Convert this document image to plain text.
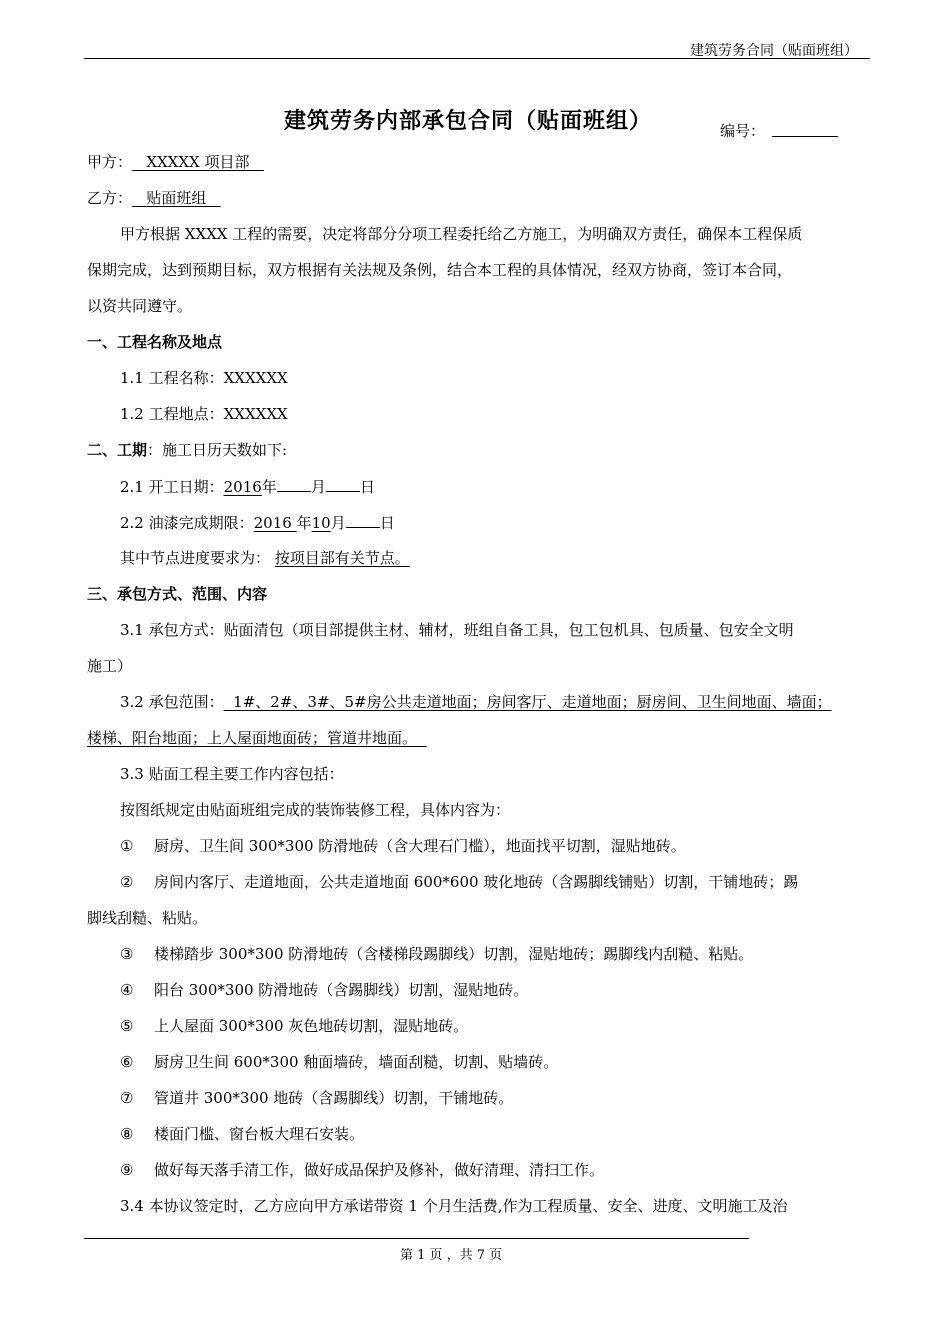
建筑劳务合同（贴面班组）
建筑劳务内部承包合同（贴面班组）	编号：
甲方： XXXXX 项目部
乙方： 贴面班组
甲方根据 XXXX 工程的需要，决定将部分分项工程委托给乙方施工，为明确双方责任，确保本工程保质
保期完成，达到预期目标，双方根据有关法规及条例，结合本工程的具体情况，经双方协商，签订本合同，
以资共同遵守。
一、工程名称及地点
1.1 工程名称：XXXXXX
1.2 工程地点：XXXXXX
二、工期：施工日历天数如下:
2.1 开工日期：2016年 月 日
2.2 油漆完成期限：2016 年10月 日
其中节点进度要求为： 按项目部有关节点。
三、承包方式、范围、内容
3.1 承包方式：贴面清包（项目部提供主材、辅材，班组自备工具，包工包机具、包质量、包安全文明
施工）
3.2 承包范围： 1#、2#、3#、5#房公共走道地面；房间客厅、走道地面；厨房间、卫生间地面、墙面；
楼梯、阳台地面；上人屋面地面砖；管道井地面。
3.3 贴面工程主要工作内容包括：
按图纸规定由贴面班组完成的装饰装修工程，具体内容为：
① 厨房、卫生间 300*300 防滑地砖（含大理石门槛），地面找平切割，湿贴地砖。
② 房间内客厅、走道地面，公共走道地面 600*600 玻化地砖（含踢脚线铺贴）切割，干铺地砖；踢
脚线刮糙、粘贴。
③ 楼梯踏步 300*300 防滑地砖（含楼梯段踢脚线）切割，湿贴地砖；踢脚线内刮糙、粘贴。
④ 阳台 300*300 防滑地砖（含踢脚线）切割，湿贴地砖。
⑤ 上人屋面 300*300 灰色地砖切割，湿贴地砖。
⑥ 厨房卫生间 600*300 釉面墙砖，墙面刮糙，切割、贴墙砖。
⑦ 管道井 300*300 地砖（含踢脚线）切割，干铺地砖。
⑧ 楼面门槛、窗台板大理石安装。
⑨ 做好每天落手清工作，做好成品保护及修补，做好清理、清扫工作。
3.4 本协议签定时，乙方应向甲方承诺带资 1 个月生活费,作为工程质量、安全、进度、文明施工及治
第 1 页 ，共 7 页
